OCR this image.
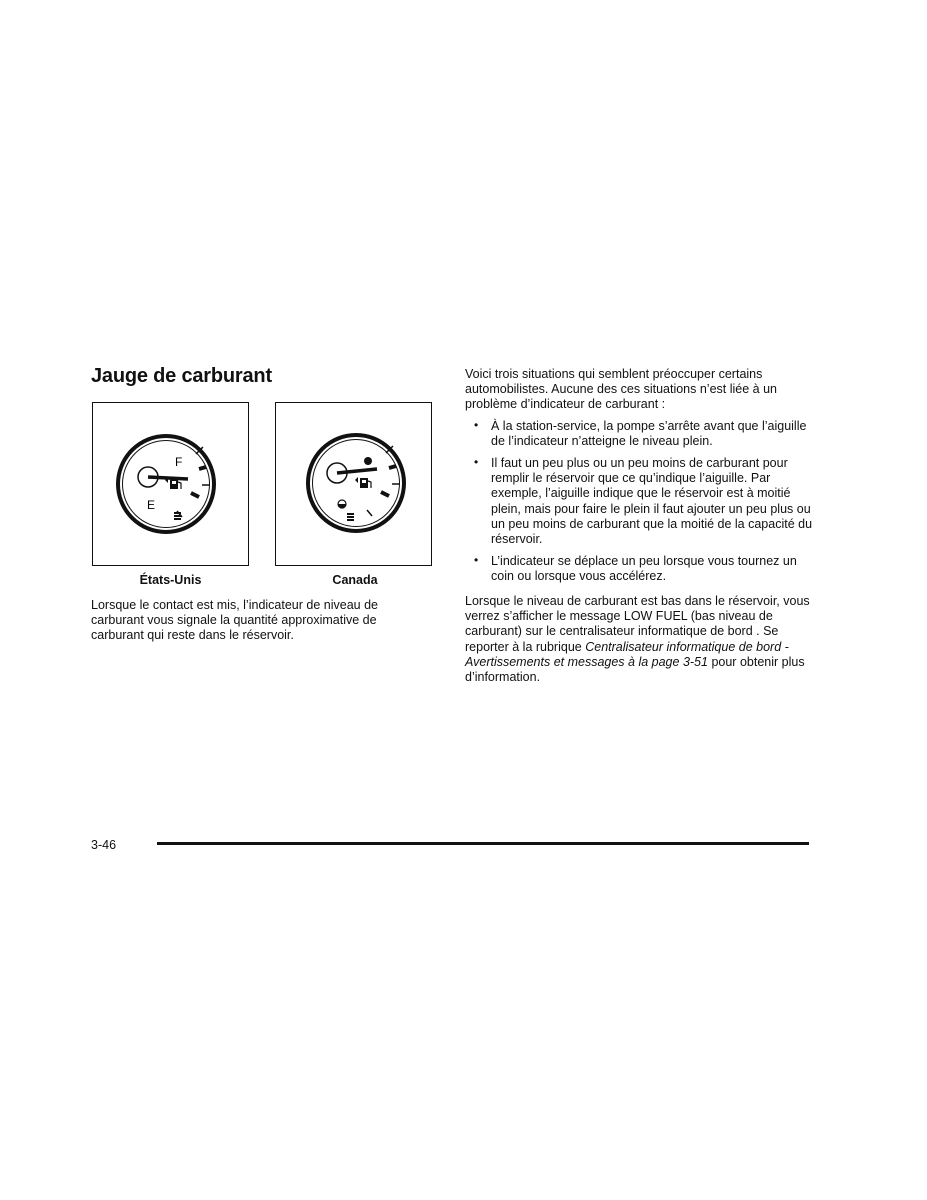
Jauge de carburant
F
E
États-Unis	Canada

Lorsque le contact est mis, l’indicateur de niveau de carburant vous signale la quantité approximative de carburant qui reste dans le réservoir.

Voici trois situations qui semblent préoccuper certains automobilistes. Aucune des ces situations n’est liée à un problème d’indicateur de carburant :

• À la station-service, la pompe s’arrête avant que l’aiguille de l’indicateur n’atteigne le niveau plein.
• Il faut un peu plus ou un peu moins de carburant pour remplir le réservoir que ce qu’indique l’aiguille. Par exemple, l’aiguille indique que le réservoir est à moitié plein, mais pour faire le plein il faut ajouter un peu plus ou un peu moins de carburant que la moitié de la capacité du réservoir.
• L’indicateur se déplace un peu lorsque vous tournez un coin ou lorsque vous accélérez.

Lorsque le niveau de carburant est bas dans le réservoir, vous verrez s’afficher le message LOW FUEL (bas niveau de carburant) sur le centralisateur informatique de bord . Se reporter à la rubrique Centralisateur informatique de bord - Avertissements et messages à la page 3-51 pour obtenir plus d’information.

3-46
